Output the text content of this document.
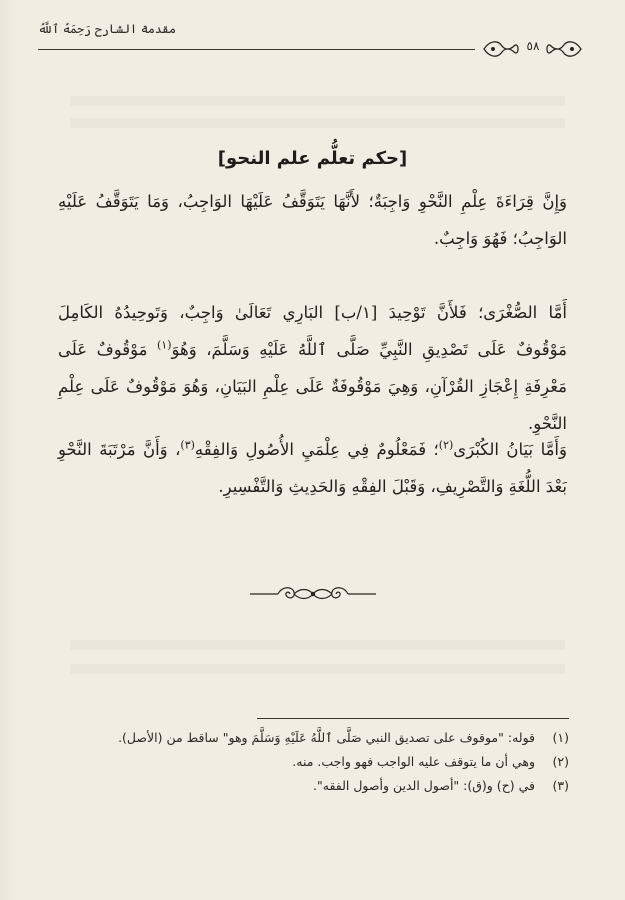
مقدمة الشارح رَحِمَهُ ٱللَّهُ
٥٨
[حكم تعلُّم علم النحو]
وَإِنَّ قِرَاءَةَ عِلْمِ النَّحْوِ وَاجِبَةٌ؛ لأَنَّهَا يَتَوَقَّفُ عَلَيْهَا الوَاجِبُ، وَمَا يَتَوَقَّفُ عَلَيْهِ الوَاجِبُ؛ فَهُوَ وَاجِبٌ.
أَمَّا الصُّغْرَى؛ فَلأَنَّ تَوْحِيدَ [١/ب] البَارِي تَعَالَىٰ وَاجِبٌ، وَتَوحِيدُهُ الكَامِلَ مَوْقُوفٌ عَلَى تَصْدِيقِ النَّبِيِّ صَلَّى ٱللَّهُ عَلَيْهِ وَسَلَّمَ، وَهُوَ$^{(١)}$ مَوْقُوفٌ عَلَى مَعْرِفَةِ إِعْجَازِ القُرْآنِ، وَهِيَ مَوْقُوفَةٌ عَلَى عِلْمِ البَيَانِ، وَهُوَ مَوْقُوفٌ عَلَى عِلْمِ النَّحْوِ.
وَأَمَّا بَيَانُ الكُبْرَى$^{(٢)}$؛ فَمَعْلُومٌ فِي عِلْمَيِ الأُصُولِ وَالفِقْهِ$^{(٣)}$، وَأَنَّ مَرْتَبَةَ النَّحْوِ بَعْدَ اللُّغَةِ وَالتَّصْرِيفِ، وَقَبْلَ الفِقْهِ وَالحَدِيثِ وَالتَّفْسِيرِ.
(١) قوله: "موقوف على تصديق النبي صَلَّى ٱللَّهُ عَلَيْهِ وَسَلَّمَ وهو" ساقط من (الأصل).
(٢) وهي أن ما يتوقف عليه الواجب فهو واجب. منه.
(٣) في (ح) و(ق): "أصول الدين وأصول الفقه".
